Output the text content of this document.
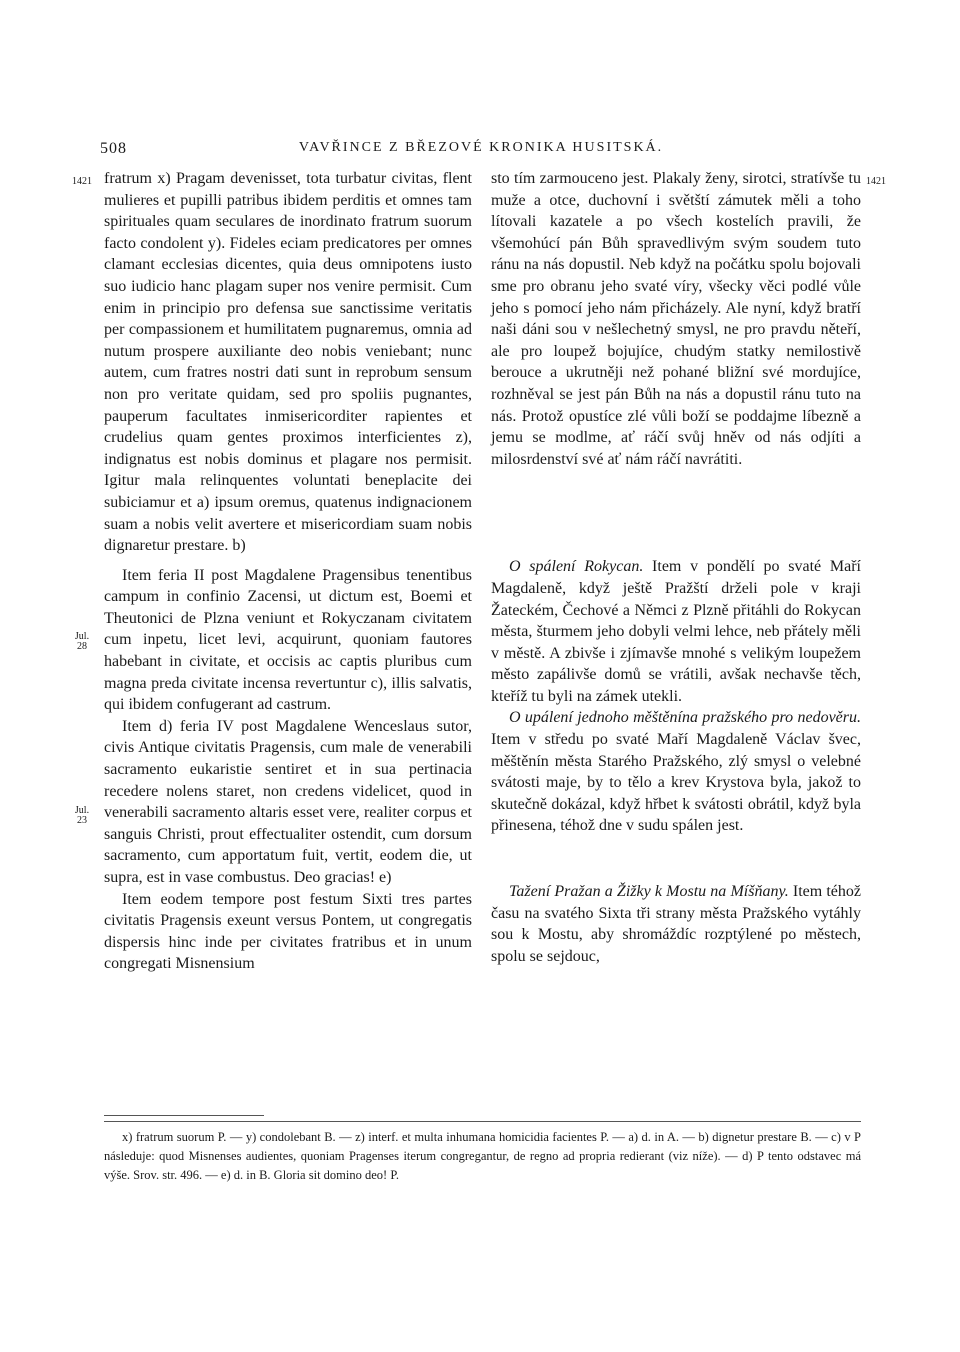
508	VAVŘINCE Z BŘEZOVÉ KRONIKA HUSITSKÁ.
1421	1421
Jul.
28
Jul.
23

fratrum x) Pragam devenisset, tota turbatur civitas, flent mulieres et pupilli patribus ibidem perditis et omnes tam spirituales quam seculares de inordinato fratrum suorum facto condolent y). Fideles eciam predicatores per omnes clamant ecclesias dicentes, quia deus omnipotens iusto suo iudicio hanc plagam super nos venire permisit. Cum enim in principio pro defensa sue sanctissime veritatis per compassionem et humilitatem pugnaremus, omnia ad nutum prospere auxiliante deo nobis veniebant; nunc autem, cum fratres nostri dati sunt in reprobum sensum non pro veritate quidam, sed pro spoliis pugnantes, pauperum facultates inmisericorditer rapientes et crudelius quam gentes proximos interficientes z), indignatus est nobis dominus et plagare nos permisit. Igitur mala relinquentes voluntati beneplacite dei subiciamur et a) ipsum oremus, quatenus indignacionem suam a nobis velit avertere et misericordiam suam nobis dignaretur prestare. b)

Item feria II post Magdalene Pragensibus tenentibus campum in confinio Zacensi, ut dictum est, Boemi et Theutonici de Plzna veniunt et Rokyczanam civitatem cum inpetu, licet levi, acquirunt, quoniam fautores habebant in civitate, et occisis ac captis pluribus cum magna preda civitate incensa revertuntur c), illis salvatis, qui ibidem confugerant ad castrum.

Item d) feria IV post Magdalene Wenceslaus sutor, civis Antique civitatis Pragensis, cum male de venerabili sacramento eukaristie sentiret et in sua pertinacia recedere nolens staret, non credens videlicet, quod in venerabili sacramento altaris esset vere, realiter corpus et sanguis Christi, prout effectualiter ostendit, cum dorsum sacramento, cum apportatum fuit, vertit, eodem die, ut supra, est in vase combustus. Deo gracias! e)

Item eodem tempore post festum Sixti tres partes civitatis Pragensis exeunt versus Pontem, ut congregatis dispersis hinc inde per civitates fratribus et in unum congregati Misnensium

sto tím zarmouceno jest. Plakaly ženy, sirotci, stratívše tu muže a otce, duchovní i světští zámutek měli a toho lítovali kazatele a po všech kostelích pravili, že všemohúcí pán Bůh spravedlivým svým soudem tuto ránu na nás dopustil. Neb když na počátku spolu bojovali sme pro obranu jeho svaté víry, všecky věci podlé vůle jeho s pomocí jeho nám přicházely. Ale nyní, když bratří naši dáni sou v nešlechetný smysl, ne pro pravdu něteří, ale pro loupež bojujíce, chudým statky nemilostivě berouce a ukrutněji než pohané bližní své mordujíce, rozhněval se jest pán Bůh na nás a dopustil ránu tuto na nás. Protož opustíce zlé vůli boží se poddajme líbezně a jemu se modlme, ať ráčí svůj hněv od nás odjíti a milosrdenství své ať nám ráčí navrátiti.

O spálení Rokycan. Item v pondělí po svaté Maří Magdaleně, když ještě Pražští drželi pole v kraji Žateckém, Čechové a Němci z Plzně přitáhli do Rokycan města, šturmem jeho dobyli velmi lehce, neb přátely měli v městě. A zbivše i zjímavše mnohé s velikým loupežem město zapálivše domů se vrátili, avšak nechavše těch, kteříž tu byli na zámek utekli.

O upálení jednoho měštěnína pražského pro nedověru. Item v středu po svaté Maří Magdaleně Václav švec, měštěnín města Starého Pražského, zlý smysl o velebné svátosti maje, by to tělo a krev Krystova byla, jakož to skutečně dokázal, když hřbet k svátosti obrátil, když byla přinesena, téhož dne v sudu spálen jest.

Tažení Pražan a Žižky k Mostu na Míšňany. Item téhož času na svatého Sixta tři strany města Pražského vytáhly sou k Mostu, aby shromáždíc rozptýlené po městech, spolu se sejdouc,

x) fratrum suorum P. — y) condolebant B. — z) interf. et multa inhumana homicidia facientes P. — a) d. in A. — b) dignetur prestare B. — c) v P následuje: quod Misnenses audientes, quoniam Pragenses iterum congregantur, de regno ad propria redierant (viz níže). — d) P tento odstavec má výše. Srov. str. 496. — e) d. in B. Gloria sit domino deo! P.
